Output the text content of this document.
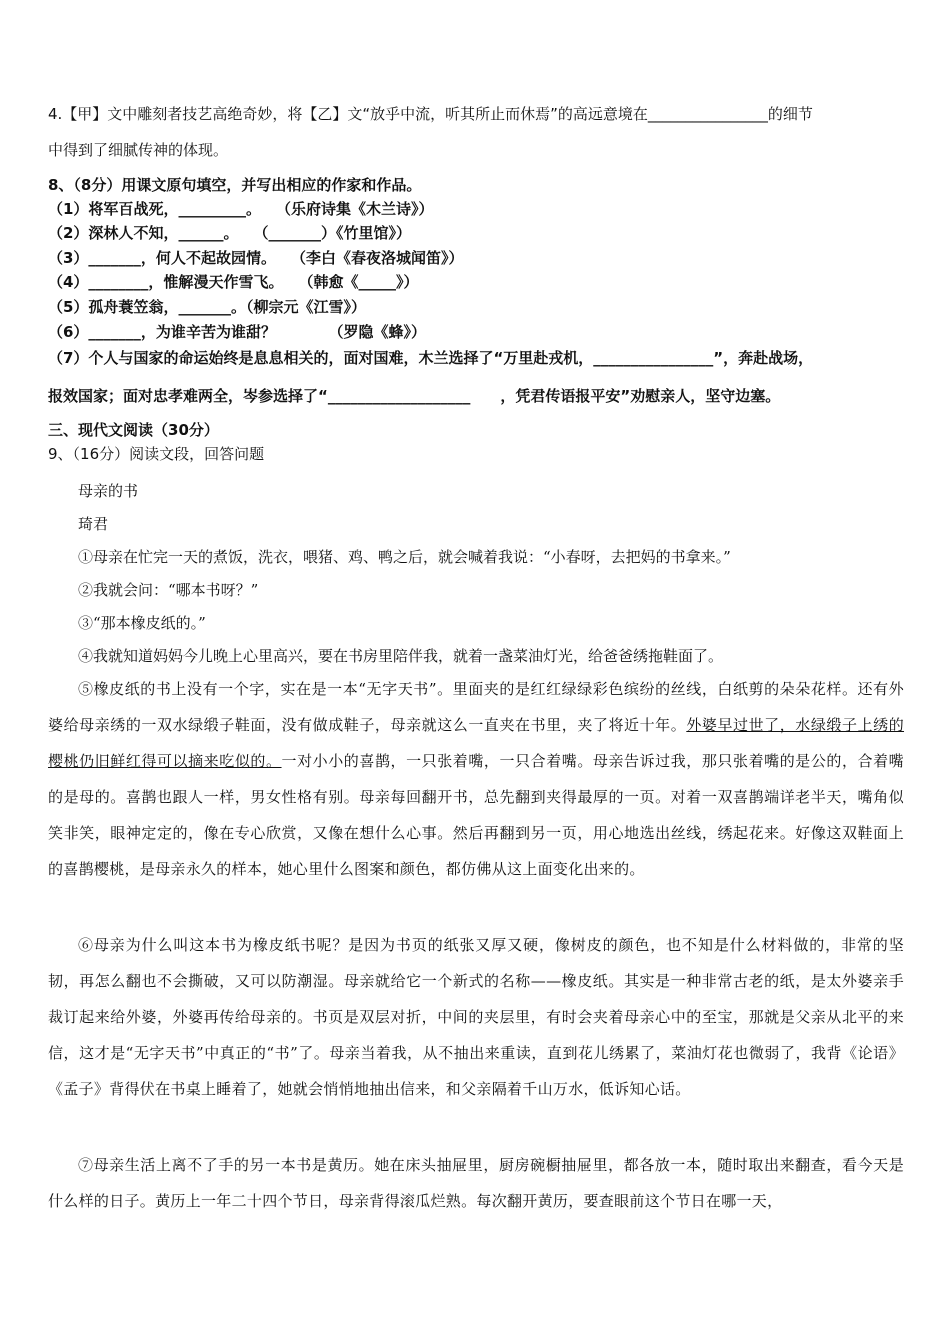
4.【甲】文中雕刻者技艺高绝奇妙，将【乙】文“放乎中流，听其所止而休焉”的高远意境在________________的细节
中得到了细腻传神的体现。
8、（8分）用课文原句填空，并写出相应的作家和作品。
（1）将军百战死，_________。　　（乐府诗集《木兰诗》）
（2）深林人不知，______。　　（_______）《竹里馆》）
（3）_______，何人不起故园情。　　（李白《春夜洛城闻笛》）
（4）________，惟解漫天作雪飞。　　（韩愈《_____》）
（5）孤舟蓑笠翁，_______。（柳宗元《江雪》）
（6）_______，为谁辛苦为谁甜？　　　　（罗隐《蜂》）
（7）个人与国家的命运始终是息息相关的，面对国难，木兰选择了“万里赴戎机，________________”，奔赴战场，
报效国家；面对忠孝难两全，岑参选择了“___________________　　，凭君传语报平安”劝慰亲人，坚守边塞。
三、现代文阅读（30分）
9、（16分）阅读文段，回答问题
母亲的书
琦君
①母亲在忙完一天的煮饭，洗衣，喂猪、鸡、鸭之后，就会喊着我说：“小春呀，去把妈的书拿来。”
②我就会问：“哪本书呀？”
③“那本橡皮纸的。”
④我就知道妈妈今儿晚上心里高兴，要在书房里陪伴我，就着一盏菜油灯光，给爸爸绣拖鞋面了。
⑤橡皮纸的书上没有一个字，实在是一本“无字天书”。里面夹的是红红绿绿彩色缤纷的丝线，白纸剪的朵朵花样。还有外婆给母亲绣的一双水绿缎子鞋面，没有做成鞋子，母亲就这么一直夹在书里，夹了将近十年。外婆早过世了，水绿缎子上绣的樱桃仍旧鲜红得可以摘来吃似的。一对小小的喜鹊，一只张着嘴，一只合着嘴。母亲告诉过我，那只张着嘴的是公的，合着嘴的是母的。喜鹊也跟人一样，男女性格有别。母亲每回翻开书，总先翻到夹得最厚的一页。对着一双喜鹊端详老半天，嘴角似笑非笑，眼神定定的，像在专心欣赏，又像在想什么心事。然后再翻到另一页，用心地选出丝线，绣起花来。好像这双鞋面上的喜鹊樱桃，是母亲永久的样本，她心里什么图案和颜色，都仿佛从这上面变化出来的。
⑥母亲为什么叫这本书为橡皮纸书呢？是因为书页的纸张又厚又硬，像树皮的颜色，也不知是什么材料做的，非常的坚韧，再怎么翻也不会撕破，又可以防潮湿。母亲就给它一个新式的名称——橡皮纸。其实是一种非常古老的纸，是太外婆亲手裁订起来给外婆，外婆再传给母亲的。书页是双层对折，中间的夹层里，有时会夹着母亲心中的至宝，那就是父亲从北平的来信，这才是“无字天书”中真正的“书”了。母亲当着我，从不抽出来重读，直到花儿绣累了，菜油灯花也微弱了，我背《论语》《孟子》背得伏在书桌上睡着了，她就会悄悄地抽出信来，和父亲隔着千山万水，低诉知心话。
⑦母亲生活上离不了手的另一本书是黄历。她在床头抽屉里，厨房碗橱抽屉里，都各放一本，随时取出来翻查，看今天是什么样的日子。黄历上一年二十四个节日，母亲背得滚瓜烂熟。每次翻开黄历，要查眼前这个节日在哪一天，
